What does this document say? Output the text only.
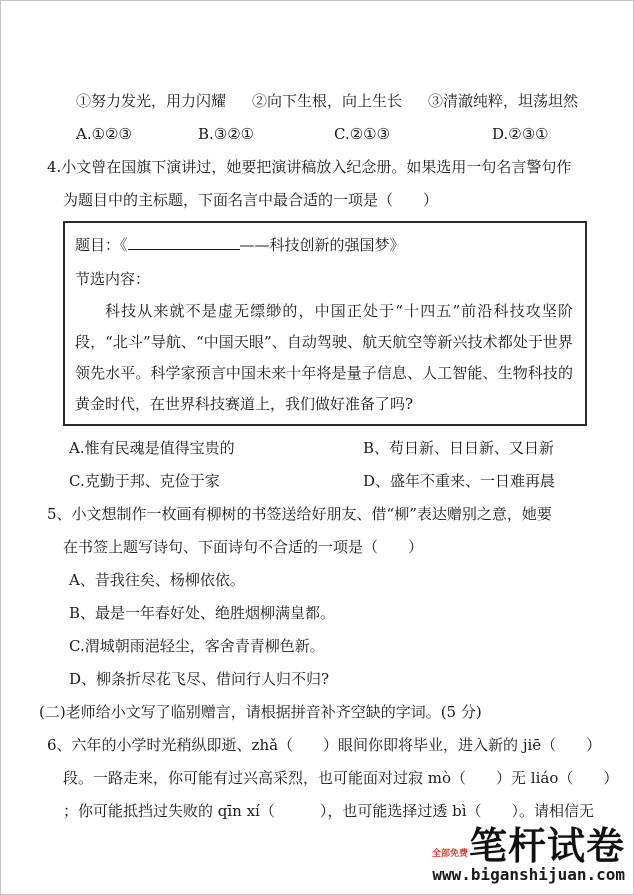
①努力发光，用力闪耀 ②向下生根，向上生长 ③清澈纯粹，坦荡坦然
A.①②③	B.③②①	C.②①③	D.②③①
4.小文曾在国旗下演讲过，她要把演讲稿放入纪念册。如果选用一句名言警句作
为题目中的主标题，下面名言中最合适的一项是（　　）
题目：《	——科技创新的强国梦》
节选内容：

科技从来就不是虚无缥缈的，中国正处于“十四五”前沿科技攻坚阶段，“北斗”导航、“中国天眼”、自动驾驶、航天航空等新兴技术都处于世界领先水平。科学家预言中国未来十年将是量子信息、人工智能、生物科技的黄金时代，在世界科技赛道上，我们做好准备了吗?

A.惟有民魂是值得宝贵的	B、苟日新、日日新、又日新
C.克勤于邦、克俭于家	D、盛年不重来、一日难再晨
5、小文想制作一枚画有柳树的书签送给好朋友、借“柳”表达赠别之意，她要
在书签上题写诗句、下面诗句不合适的一项是（　　）
A、昔我往矣、杨柳依依。
B、最是一年春好处、绝胜烟柳满皇都。
C.渭城朝雨浥轻尘，客舍青青柳色新。
D、柳条折尽花飞尽、借问行人归不归?
(二)老师给小文写了临别赠言，请根据拼音补齐空缺的字词。(5 分)
6、六年的小学时光稍纵即逝、zhǎ（　　）眼间你即将毕业，进入新的 jiē（　　）
段。一路走来，你可能有过兴高采烈，也可能面对过寂 mò（　　）无 liáo（　　）
；你可能抵挡过失败的 qīn xí（　　　），也可能选择过透 bì（　　）。请相信无
全部免费 笔杆试卷
www.biganshijuan.com
